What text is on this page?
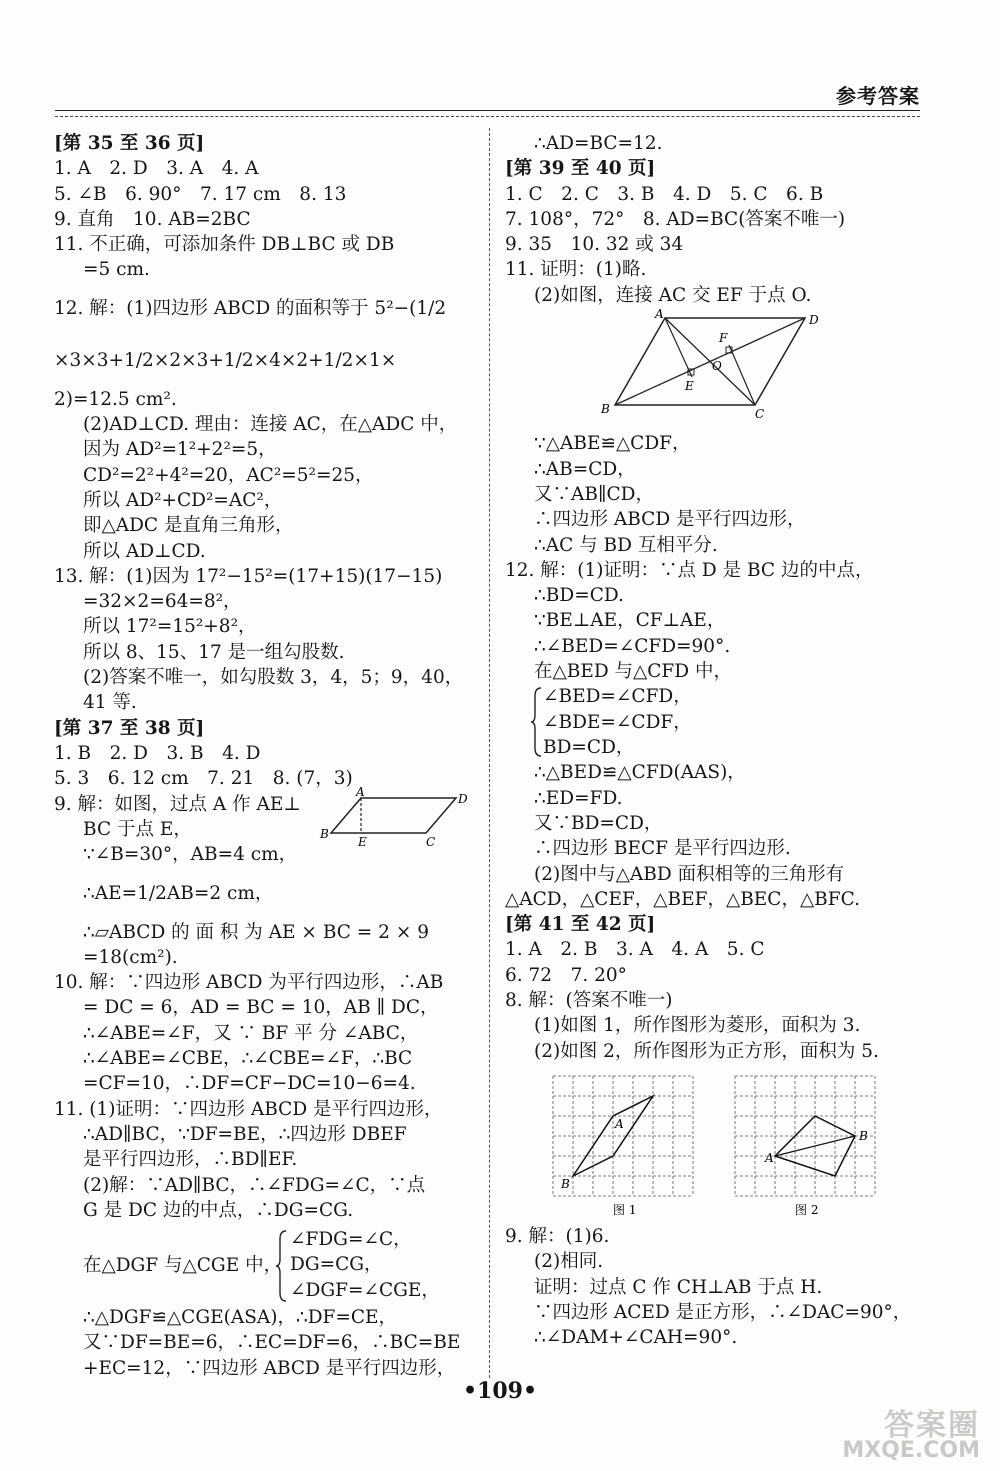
参考答案
[第 35 至 36 页]
1. A　2. D　3. A　4. A
5. ∠B　6. 90°　7. 17 cm　8. 13
9. 直角　10. AB=2BC
11. 不正确，可添加条件 DB⊥BC 或 DB
=5 cm.
12. 解：(1)四边形 ABCD 的面积等于 5²−(1/2
×3×3+1/2×2×3+1/2×4×2+1/2×1×
2)=12.5 cm².
(2)AD⊥CD. 理由：连接 AC，在△ADC 中，
因为 AD²=1²+2²=5，
CD²=2²+4²=20，AC²=5²=25，
所以 AD²+CD²=AC²，
即△ADC 是直角三角形，
所以 AD⊥CD.
13. 解：(1)因为 17²−15²=(17+15)(17−15)
=32×2=64=8²，
所以 17²=15²+8²，
所以 8、15、17 是一组勾股数.
(2)答案不唯一，如勾股数 3，4，5；9，40，
41 等.
[第 37 至 38 页]
1. B　2. D　3. B　4. D
5. 3　6. 12 cm　7. 21　8. (7，3)
9. 解：如图，过点 A 作 AE⊥
BC 于点 E，
∵∠B=30°，AB=4 cm，
A	D
B
E	C
∴AE=1/2AB=2 cm，
∴▱ABCD 的 面 积 为 AE × BC = 2 × 9
=18(cm²).
10. 解：∵四边形 ABCD 为平行四边形，∴AB
= DC = 6，AD = BC = 10，AB ∥ DC，
∴∠ABE=∠F，又 ∵ BF 平 分 ∠ABC，
∴∠ABE=∠CBE，∴∠CBE=∠F，∴BC
=CF=10，∴DF=CF−DC=10−6=4.
11. (1)证明：∵四边形 ABCD 是平行四边形，
∴AD∥BC，∵DF=BE，∴四边形 DBEF
是平行四边形，∴BD∥EF.
(2)解：∵AD∥BC，∴∠FDG=∠C，∵点
G 是 DC 边的中点，∴DG=CG.
在△DGF 与△CGE 中，
∠FDG=∠C，
DG=CG，
∠DGF=∠CGE，
∴△DGF≌△CGE(ASA)，∴DF=CE，
又∵DF=BE=6，∴EC=DF=6，∴BC=BE
+EC=12，∵四边形 ABCD 是平行四边形，
∴AD=BC=12.
[第 39 至 40 页]
1. C　2. C　3. B　4. D　5. C　6. B
7. 108°，72°　8. AD=BC(答案不唯一)
9. 35　10. 32 或 34
11. 证明：(1)略.
(2)如图，连接 AC 交 EF 于点 O.
A	D
F
O
E
B	C
∵△ABE≌△CDF，
∴AB=CD，
又∵AB∥CD，
∴四边形 ABCD 是平行四边形，
∴AC 与 BD 互相平分.
12. 解：(1)证明：∵点 D 是 BC 边的中点，
∴BD=CD.
∵BE⊥AE，CF⊥AE，
∴∠BED=∠CFD=90°.
在△BED 与△CFD 中，
∠BED=∠CFD，
∠BDE=∠CDF，
BD=CD，
∴△BED≌△CFD(AAS)，
∴ED=FD.
又∵BD=CD，
∴四边形 BECF 是平行四边形.
(2)图中与△ABD 面积相等的三角形有
△ACD，△CEF，△BEF，△BEC，△BFC.
[第 41 至 42 页]
1. A　2. B　3. A　4. A　5. C
6. 72　7. 20°
8. 解：(答案不唯一)
(1)如图 1，所作图形为菱形，面积为 3.
(2)如图 2，所作图形为正方形，面积为 5.
A
B
图 1
A
B
图 2
9. 解：(1)6.
(2)相同.
证明：过点 C 作 CH⊥AB 于点 H.
∵四边形 ACED 是正方形，∴∠DAC=90°，
∴∠DAM+∠CAH=90°.
•109•
答案圈
MXQE.COM
